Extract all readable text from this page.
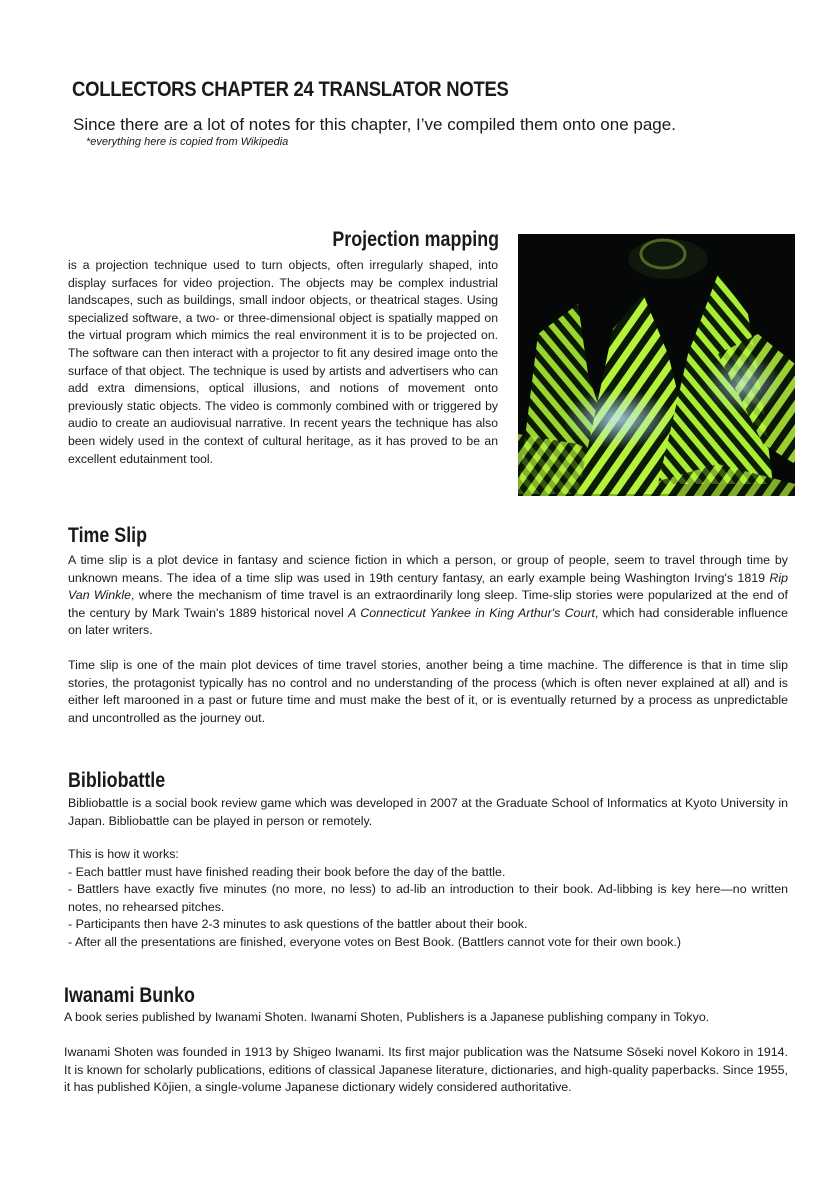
COLLECTORS CHAPTER 24 TRANSLATOR NOTES

Since there are a lot of notes for this chapter, I’ve compiled them onto one page.

*everything here is copied from Wikipedia

Projection mapping

is a projection technique used to turn objects, often irregularly shaped, into display surfaces for video projection. The objects may be complex industrial landscapes, such as buildings, small indoor objects, or theatrical stages. Using specialized software, a two- or three-dimensional object is spatially mapped on the virtual program which mimics the real environment it is to be projected on. The software can then interact with a projector to fit any desired image onto the surface of that object. The technique is used by artists and advertisers who can add extra dimensions, optical illusions, and notions of movement onto previously static objects. The video is commonly combined with or triggered by audio to create an audiovisual narrative. In recent years the technique has also been widely used in the context of cultural heritage, as it has proved to be an excellent edutainment tool.

Time Slip

A time slip is a plot device in fantasy and science fiction in which a person, or group of people, seem to travel through time by unknown means. The idea of a time slip was used in 19th century fantasy, an early example being Washington Irving's 1819 Rip Van Winkle, where the mechanism of time travel is an extraordinarily long sleep. Time-slip stories were popularized at the end of the century by Mark Twain's 1889 historical novel A Connecticut Yankee in King Arthur's Court, which had considerable influence on later writers.

Time slip is one of the main plot devices of time travel stories, another being a time machine. The difference is that in time slip stories, the protagonist typically has no control and no understanding of the process (which is often never explained at all) and is either left marooned in a past or future time and must make the best of it, or is eventually returned by a process as unpredictable and uncontrolled as the journey out.

Bibliobattle

Bibliobattle is a social book review game which was developed in 2007 at the Graduate School of Informatics at Kyoto University in Japan. Bibliobattle can be played in person or remotely.

This is how it works:
- Each battler must have finished reading their book before the day of the battle.
- Battlers have exactly five minutes (no more, no less) to ad-lib an introduction to their book. Ad-libbing is key here—no written notes, no rehearsed pitches.
- Participants then have 2-3 minutes to ask questions of the battler about their book.
- After all the presentations are finished, everyone votes on Best Book. (Battlers cannot vote for their own book.)
Iwanami Bunko

A book series published by Iwanami Shoten. Iwanami Shoten, Publishers is a Japanese publishing company in Tokyo.

Iwanami Shoten was founded in 1913 by Shigeo Iwanami. Its first major publication was the Natsume Sōseki novel Kokoro in 1914. It is known for scholarly publications, editions of classical Japanese literature, dictionaries, and high-quality paperbacks. Since 1955, it has published Kōjien, a single-volume Japanese dictionary widely considered authoritative.
